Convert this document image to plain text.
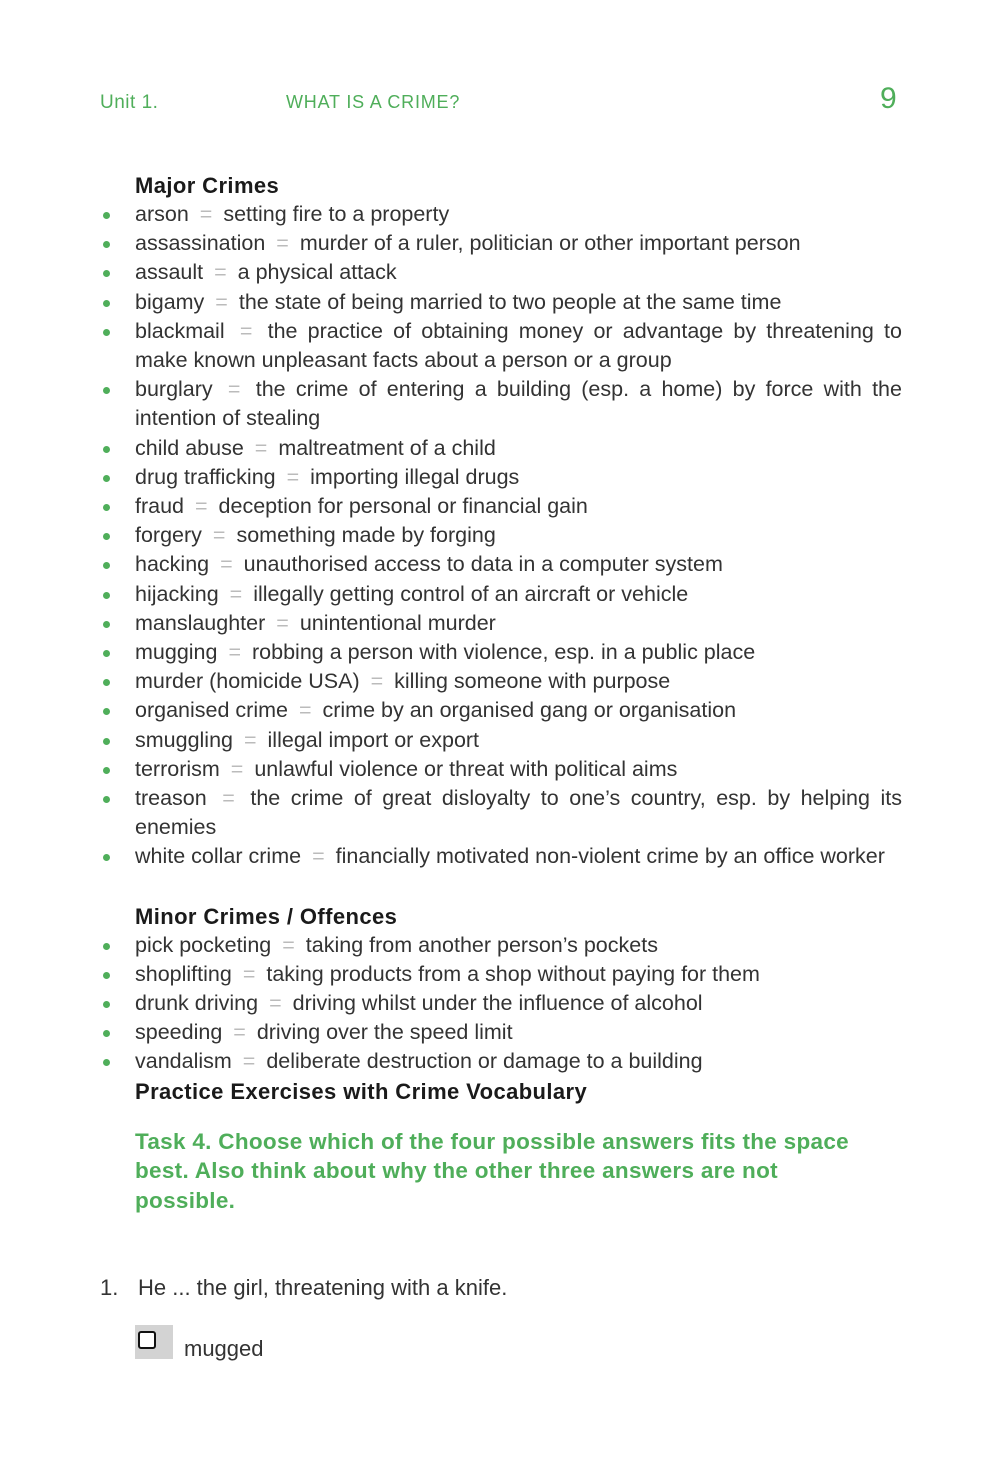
Unit 1.	WHAT IS A CRIME?	9
Major Crimes
arson = setting fire to a property
assassination = murder of a ruler, politician or other important person
assault = a physical attack
bigamy = the state of being married to two people at the same time
blackmail = the practice of obtaining money or advantage by threatening to make known unpleasant facts about a person or a group
burglary = the crime of entering a building (esp. a home) by force with the intention of stealing
child abuse = maltreatment of a child
drug trafficking = importing illegal drugs
fraud = deception for personal or financial gain
forgery = something made by forging
hacking = unauthorised access to data in a computer system
hijacking = illegally getting control of an aircraft or vehicle
manslaughter = unintentional murder
mugging = robbing a person with violence, esp. in a public place
murder (homicide USA) = killing someone with purpose
organised crime = crime by an organised gang or organisation
smuggling = illegal import or export
terrorism = unlawful violence or threat with political aims
treason = the crime of great disloyalty to one’s country, esp. by helping its enemies
white collar crime = financially motivated non-violent crime by an office worker
Minor Crimes / Offences
pick pocketing = taking from another person’s pockets
shoplifting = taking products from a shop without paying for them
drunk driving = driving whilst under the influence of alcohol
speeding = driving over the speed limit
vandalism = deliberate destruction or damage to a building
Practice Exercises with Crime Vocabulary
Task 4. Choose which of the four possible answers fits the space best. Also think about why the other three answers are not possible.
1. He ... the girl, threatening with a knife.
mugged
